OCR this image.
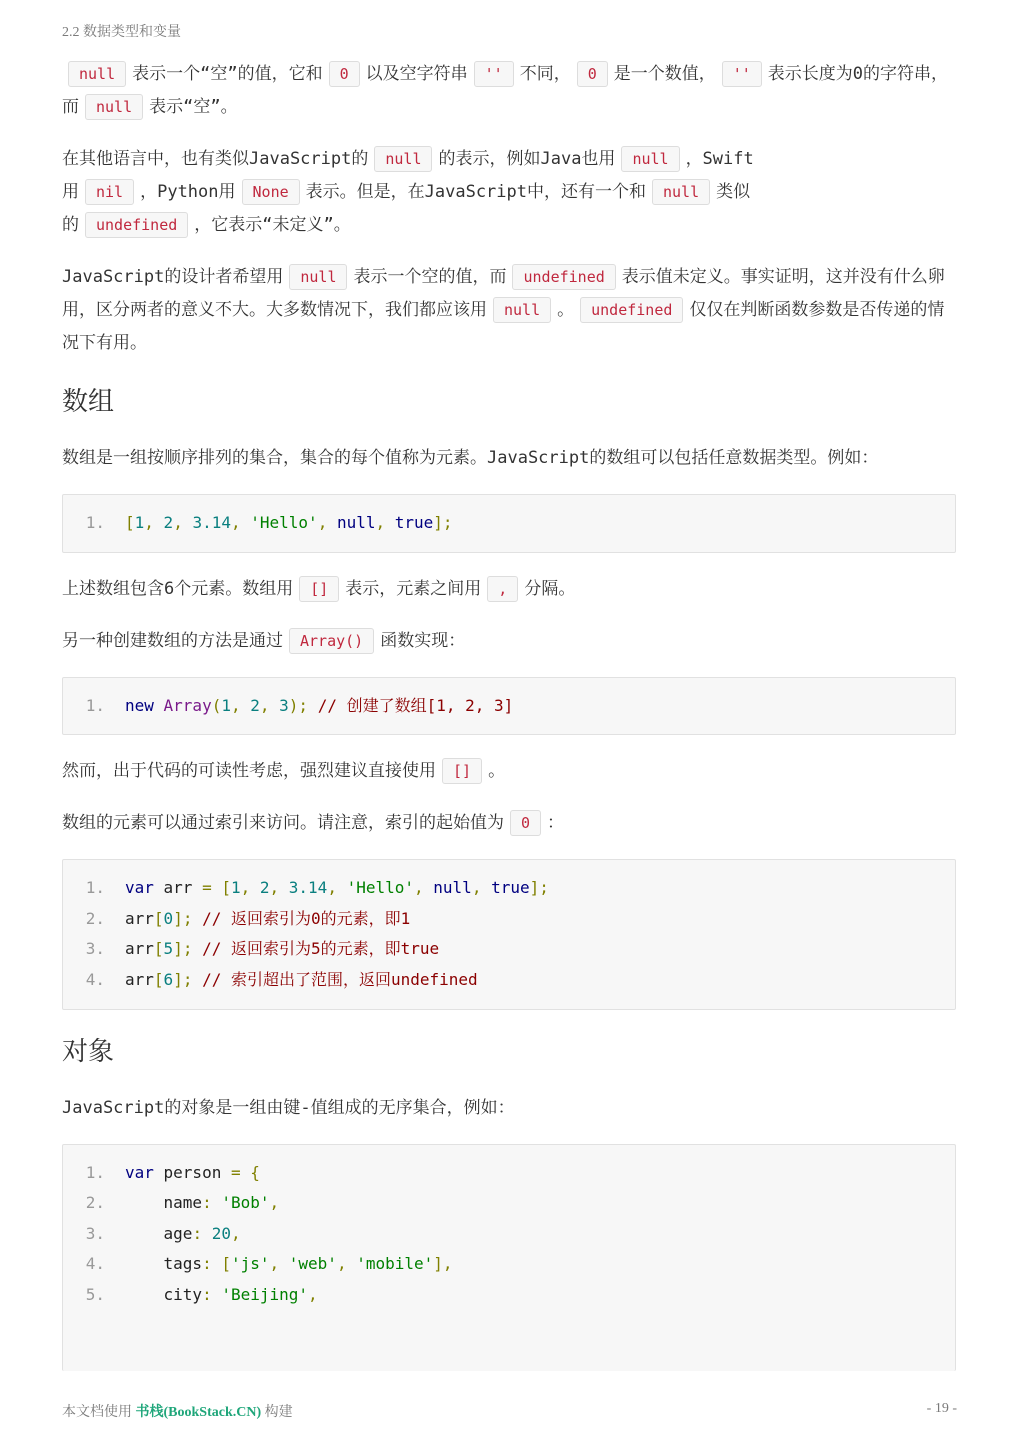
2.2 数据类型和变量

null 表示一个“空”的值，它和 0 以及空字符串 '' 不同， 0 是一个数值， '' 表示长度为0的字符串，而 null 表示“空”。

在其他语言中，也有类似JavaScript的 null 的表示，例如Java也用 null ，Swift
用 nil ，Python用 None 表示。但是，在JavaScript中，还有一个和 null 类似
的 undefined ，它表示“未定义”。

JavaScript的设计者希望用 null 表示一个空的值，而 undefined 表示值未定义。事实证明，这并没有什么卵用，区分两者的意义不大。大多数情况下，我们都应该用 null 。 undefined 仅仅在判断函数参数是否传递的情况下有用。

数组

数组是一组按顺序排列的集合，集合的每个值称为元素。JavaScript的数组可以包括任意数据类型。例如：

1. [1, 2, 3.14, 'Hello', null, true];

上述数组包含6个元素。数组用 [] 表示，元素之间用 , 分隔。

另一种创建数组的方法是通过 Array() 函数实现：

1. new Array(1, 2, 3); // 创建了数组[1, 2, 3]

然而，出于代码的可读性考虑，强烈建议直接使用 [] 。

数组的元素可以通过索引来访问。请注意，索引的起始值为 0 ：

1. var arr = [1, 2, 3.14, 'Hello', null, true];
2. arr[0]; // 返回索引为0的元素，即1
3. arr[5]; // 返回索引为5的元素，即true
4. arr[6]; // 索引超出了范围，返回undefined
对象

JavaScript的对象是一组由键-值组成的无序集合，例如：

1. var person = {
2.    name: 'Bob',
3.    age: 20,
4.    tags: ['js', 'web', 'mobile'],
5.    city: 'Beijing',
本文档使用 书栈(BookStack.CN) 构建	- 19 -
